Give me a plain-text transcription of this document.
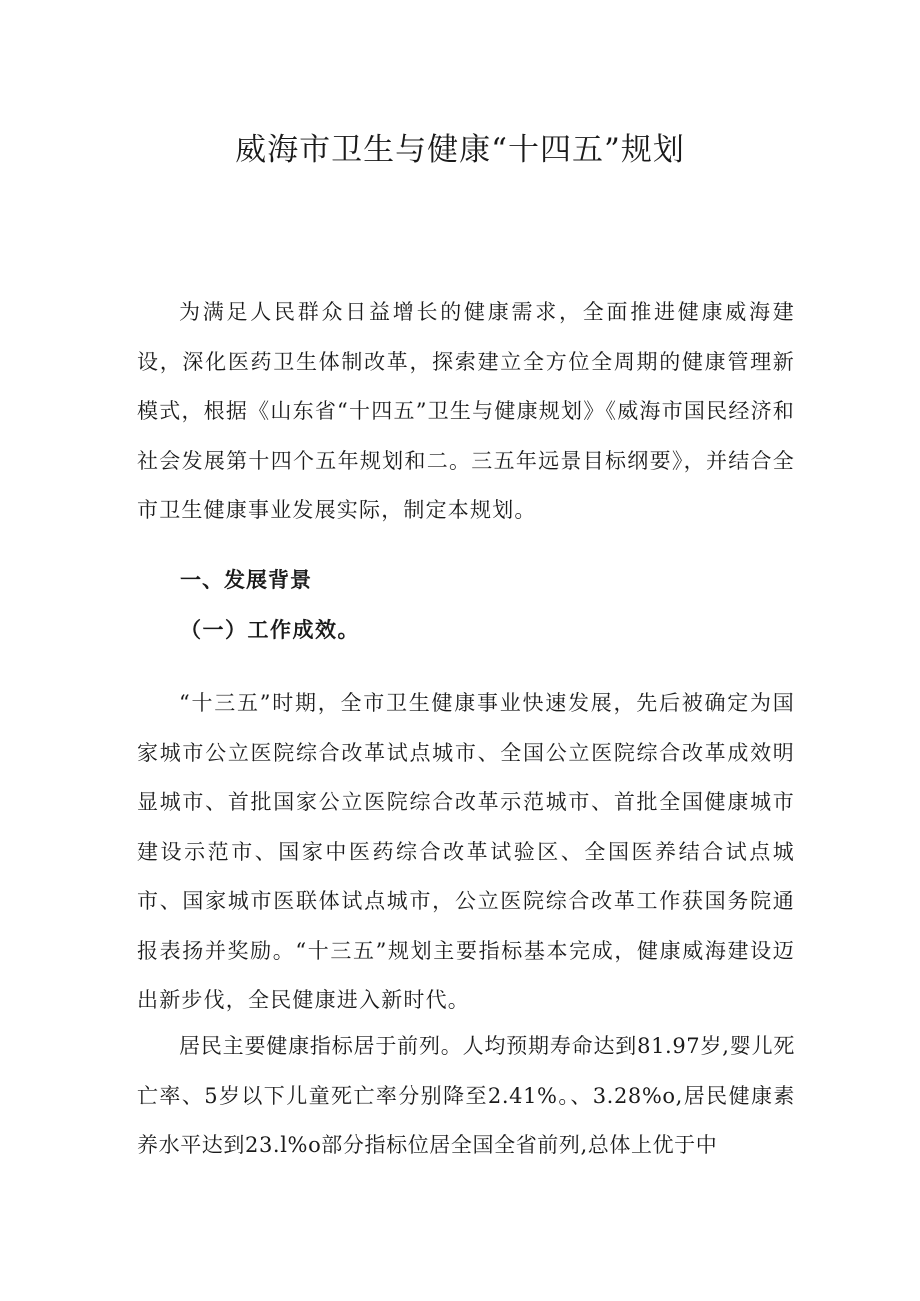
威海市卫生与健康“十四五”规划

为满足人民群众日益增长的健康需求，全面推进健康威海建设，深化医药卫生体制改革，探索建立全方位全周期的健康管理新模式，根据《山东省“十四五”卫生与健康规划》《威海市国民经济和社会发展第十四个五年规划和二。三五年远景目标纲要》，并结合全市卫生健康事业发展实际，制定本规划。

一、发展背景
（一）工作成效。

“十三五”时期，全市卫生健康事业快速发展，先后被确定为国家城市公立医院综合改革试点城市、全国公立医院综合改革成效明显城市、首批国家公立医院综合改革示范城市、首批全国健康城市建设示范市、国家中医药综合改革试验区、全国医养结合试点城市、国家城市医联体试点城市，公立医院综合改革工作获国务院通报表扬并奖励。“十三五”规划主要指标基本完成，健康威海建设迈出新步伐，全民健康进入新时代。

居民主要健康指标居于前列。人均预期寿命达到81.97岁,婴儿死亡率、5岁以下儿童死亡率分别降至2.41%。、3.28%o,居民健康素养水平达到23.l%o部分指标位居全国全省前列,总体上优于中
